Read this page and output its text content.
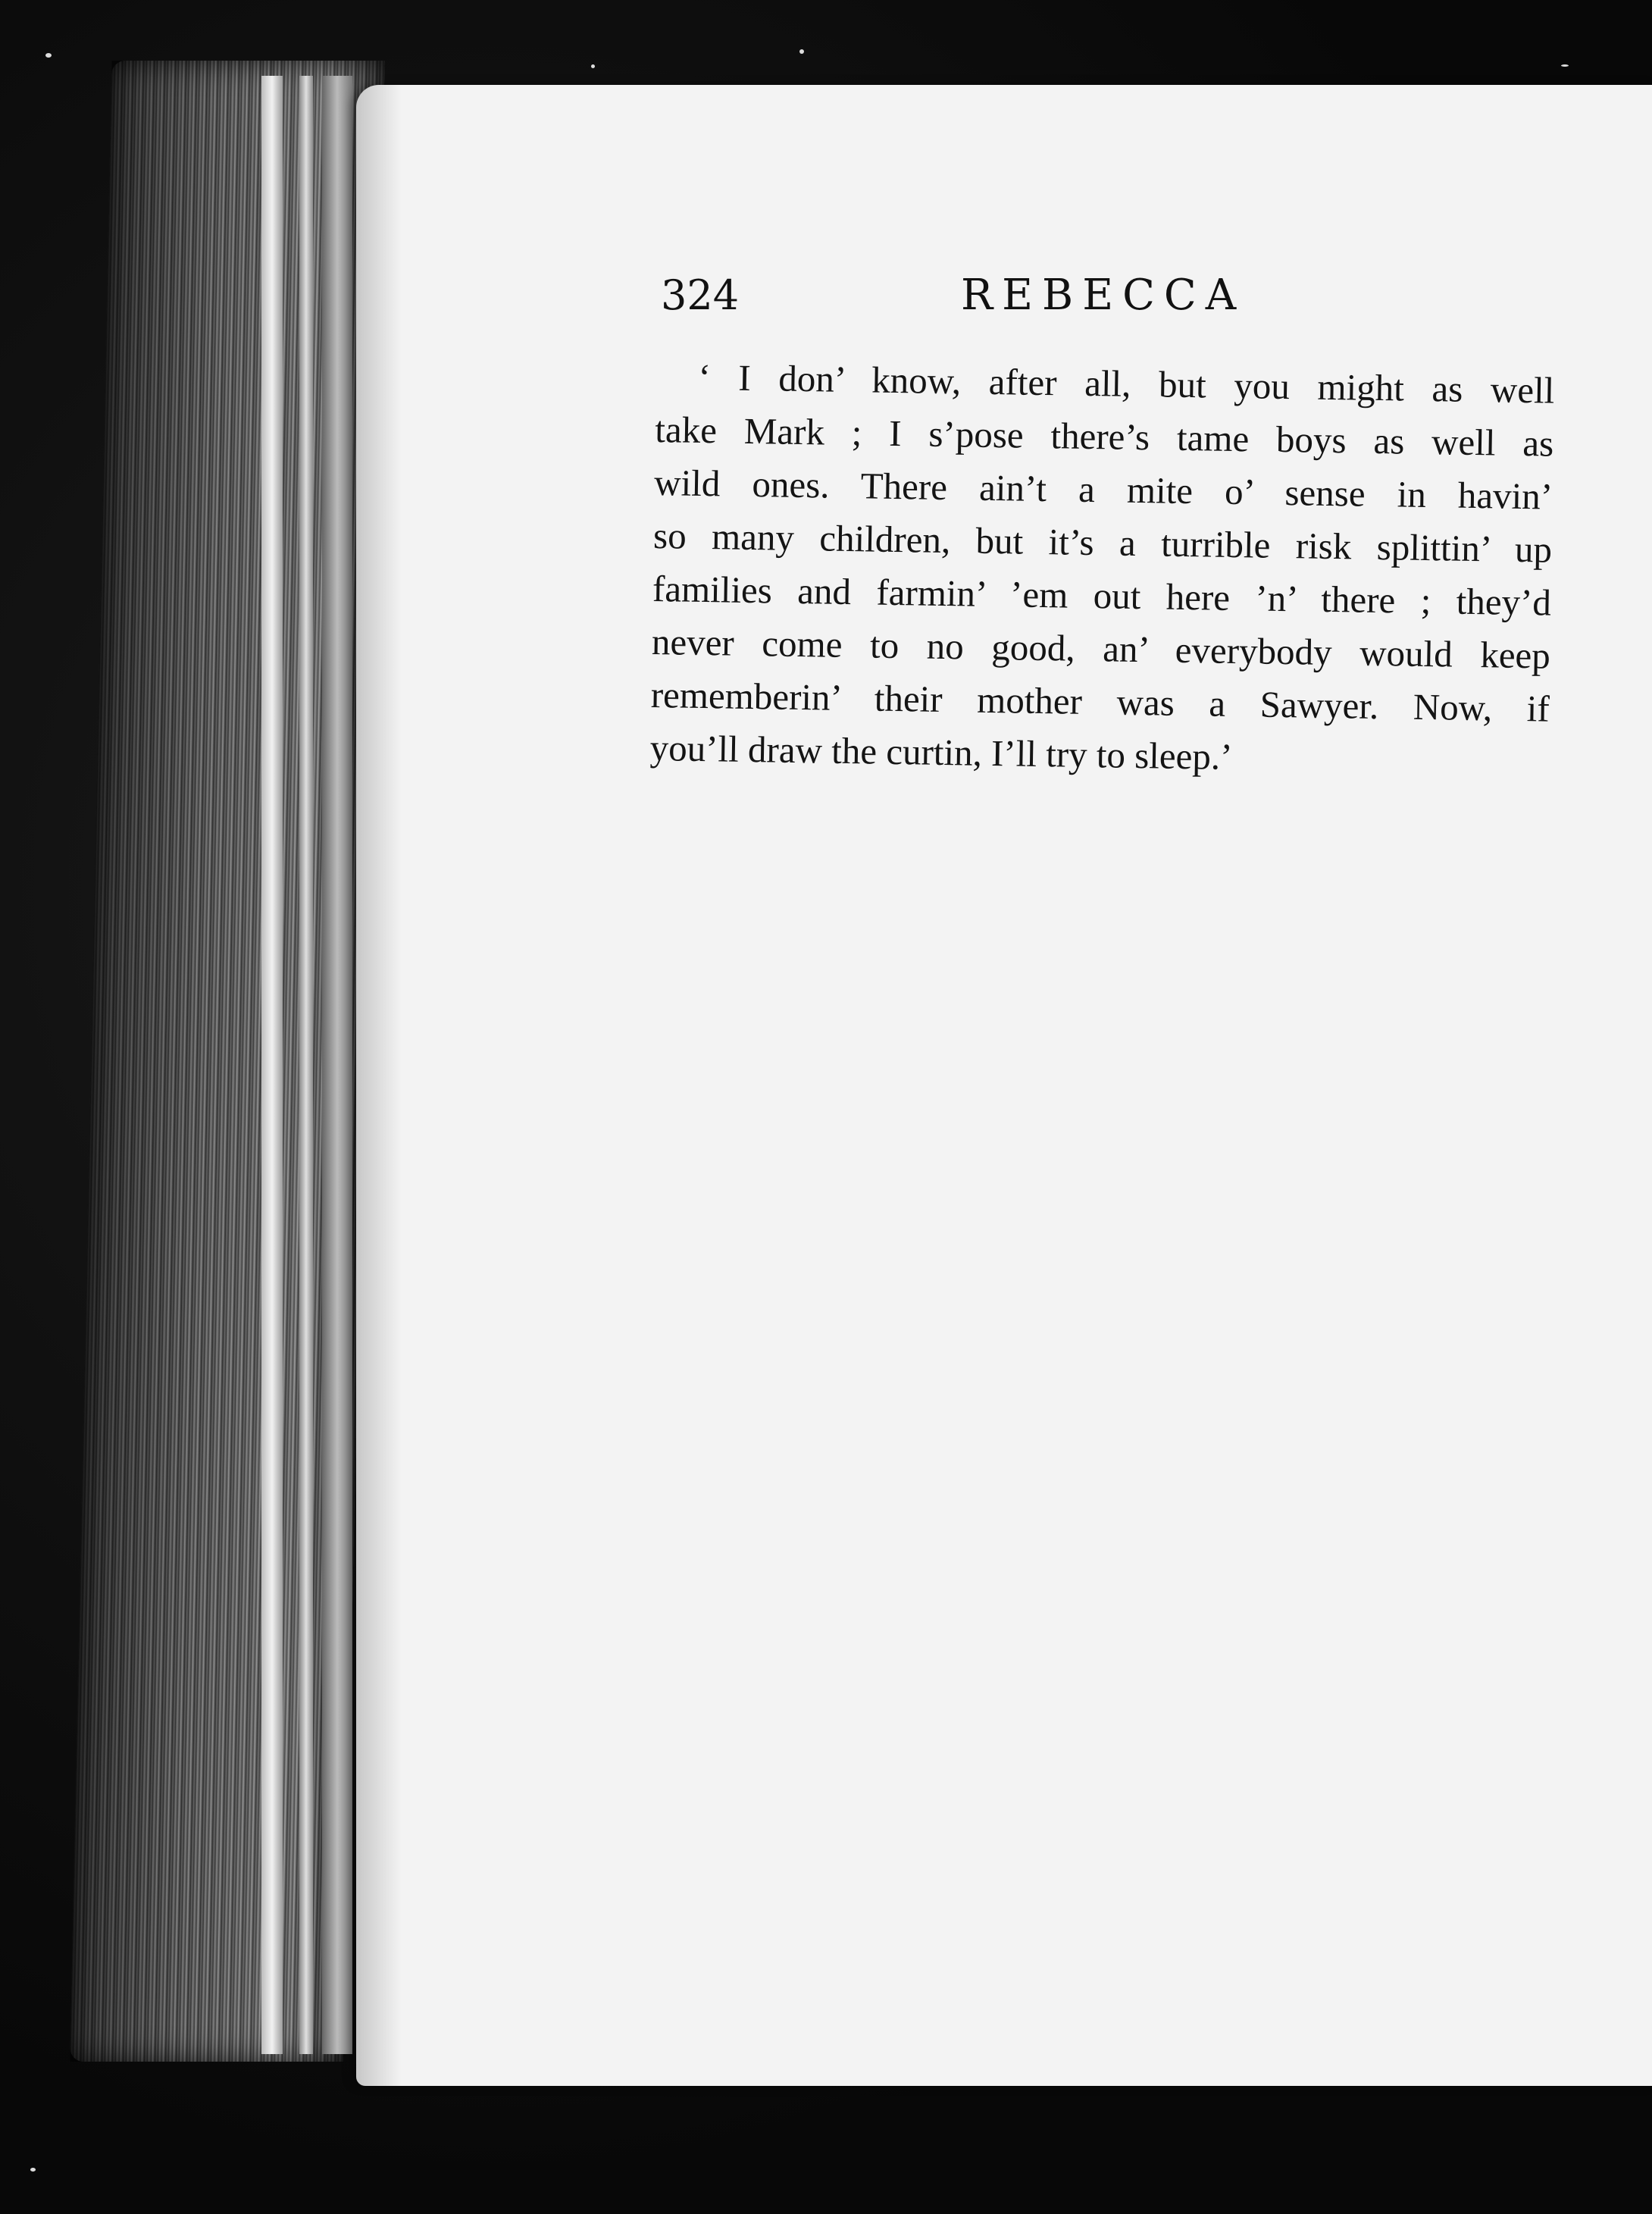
324	REBECCA
‘ I don’ know, after all, but you might as well
take Mark ; I s’pose there’s tame boys as well as
wild ones. There ain’t a mite o’ sense in havin’
so many children, but it’s a turrible risk splittin’ up
families and farmin’ ’em out here ’n’ there ; they’d
never come to no good, an’ everybody would keep
rememberin’ their mother was a Sawyer. Now, if
you’ll draw the curtin, I’ll try to sleep.’
